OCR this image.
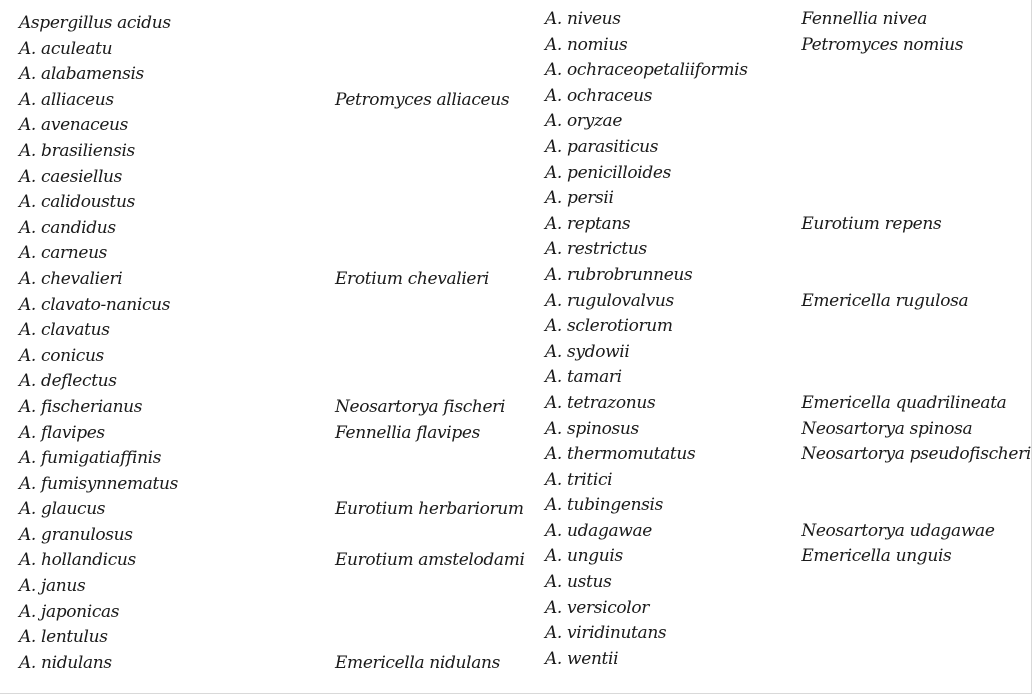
Aspergillus acidus	
A. aculeatu	
A. alabamensis	
A. alliaceus	Petromyces alliaceus
A. avenaceus	
A. brasiliensis	
A. caesiellus	
A. calidoustus	
A. candidus	
A. carneus	
A. chevalieri	Erotium chevalieri
A. clavato-nanicus	
A. clavatus	
A. conicus	
A. deflectus	
A. fischerianus	Neosartorya fischeri
A. flavipes	Fennellia flavipes
A. fumigatiaffinis	
A. fumisynnematus	
A. glaucus	Eurotium herbariorum
A. granulosus	
A. hollandicus	Eurotium amstelodami
A. janus	
A. japonicas	
A. lentulus	
A. nidulans	Emericella nidulans
A. niveus	Fennellia nivea
A. nomius	Petromyces nomius
A. ochraceopetaliiformis	
A. ochraceus	
A. oryzae	
A. parasiticus	
A. penicilloides	
A. persii	
A. reptans	Eurotium repens
A. restrictus	
A. rubrobrunneus	
A. rugulovalvus	Emericella rugulosa
A. sclerotiorum	
A. sydowii	
A. tamari	
A. tetrazonus	Emericella quadrilineata
A. spinosus	Neosartorya spinosa
A. thermomutatus	Neosartorya pseudofischeri
A. tritici	
A. tubingensis	
A. udagawae	Neosartorya udagawae
A. unguis	Emericella unguis
A. ustus	
A. versicolor	
A. viridinutans	
A. wentii	
